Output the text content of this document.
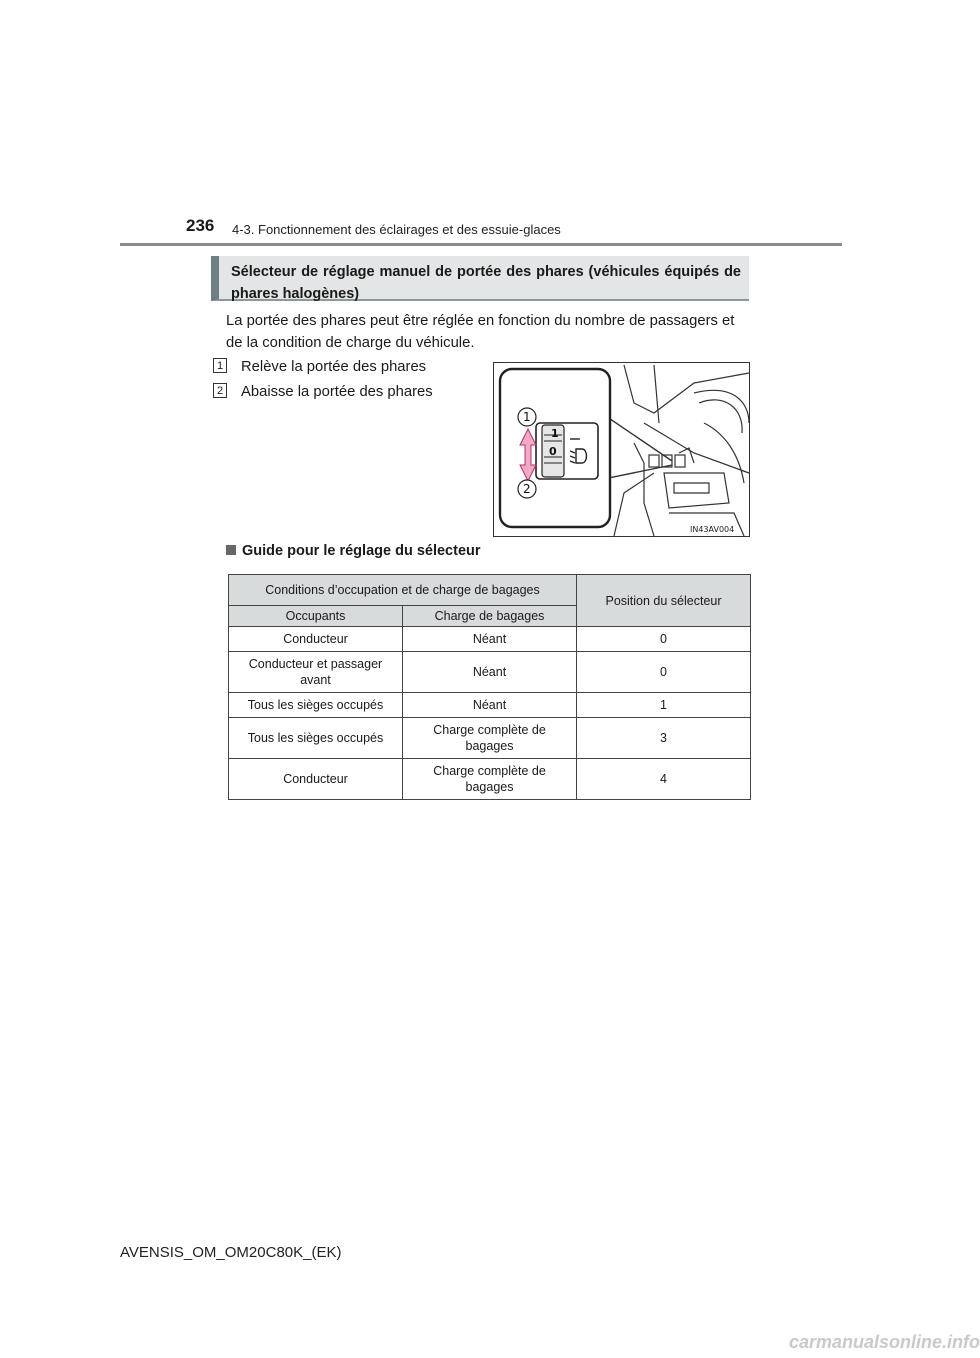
236 4-3. Fonctionnement des éclairages et des essuie-glaces
Sélecteur de réglage manuel de portée des phares (véhicules équipés de phares halogènes)
La portée des phares peut être réglée en fonction du nombre de passagers et de la condition de charge du véhicule.
1 Relève la portée des phares
2 Abaisse la portée des phares
1
0
1
2
IN43AV004
Guide pour le réglage du sélecteur
Conditions d’occupation et de charge de bagages		Position du sélecteur
Occupants	Charge de bagages	
Conducteur	Néant	0
Conducteur et passager avant	Néant	0
Tous les sièges occupés	Néant	1
Tous les sièges occupés	Charge complète de bagages	3
Conducteur	Charge complète de bagages	4
AVENSIS_OM_OM20C80K_(EK)
carmanualsonline.info
